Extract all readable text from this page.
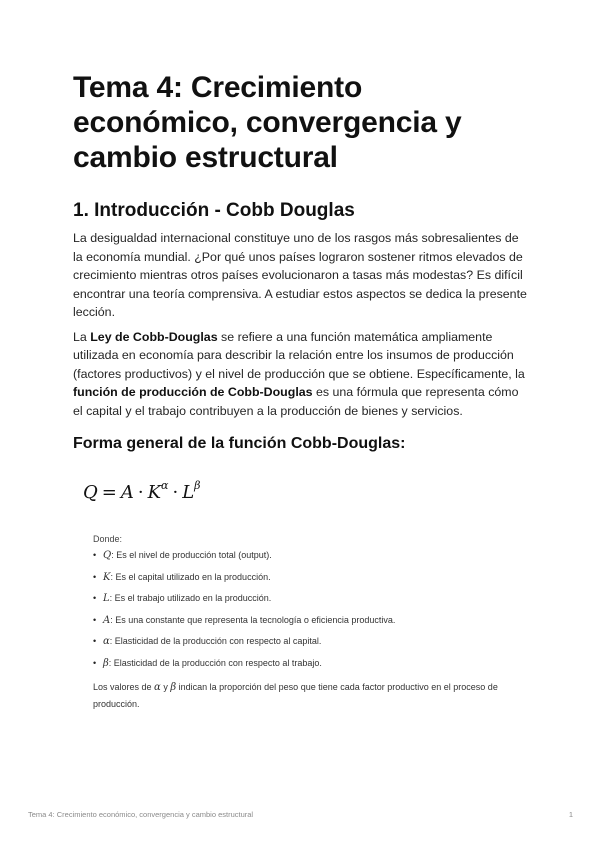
Tema 4: Crecimiento económico, convergencia y cambio estructural
1. Introducción - Cobb Douglas

La desigualdad internacional constituye uno de los rasgos más sobresalientes de la economía mundial. ¿Por qué unos países lograron sostener ritmos elevados de crecimiento mientras otros países evolucionaron a tasas más modestas? Es difícil encontrar una teoría comprensiva. A estudiar estos aspectos se dedica la presente lección.

La Ley de Cobb-Douglas se refiere a una función matemática ampliamente utilizada en economía para describir la relación entre los insumos de producción (factores productivos) y el nivel de producción que se obtiene. Específicamente, la función de producción de Cobb-Douglas es una fórmula que representa cómo el capital y el trabajo contribuyen a la producción de bienes y servicios.

Forma general de la función Cobb-Douglas:
$Q = A \cdot K^\alpha \cdot L^\beta$
Donde:
• Q: Es el nivel de producción total (output).
• K: Es el capital utilizado en la producción.
• L: Es el trabajo utilizado en la producción.
• A: Es una constante que representa la tecnología o eficiencia productiva.
• α: Elasticidad de la producción con respecto al capital.
• β: Elasticidad de la producción con respecto al trabajo.
Los valores de α y β indican la proporción del peso que tiene cada factor productivo en el proceso de producción.
Tema 4: Crecimiento económico, convergencia y cambio estructural	1
